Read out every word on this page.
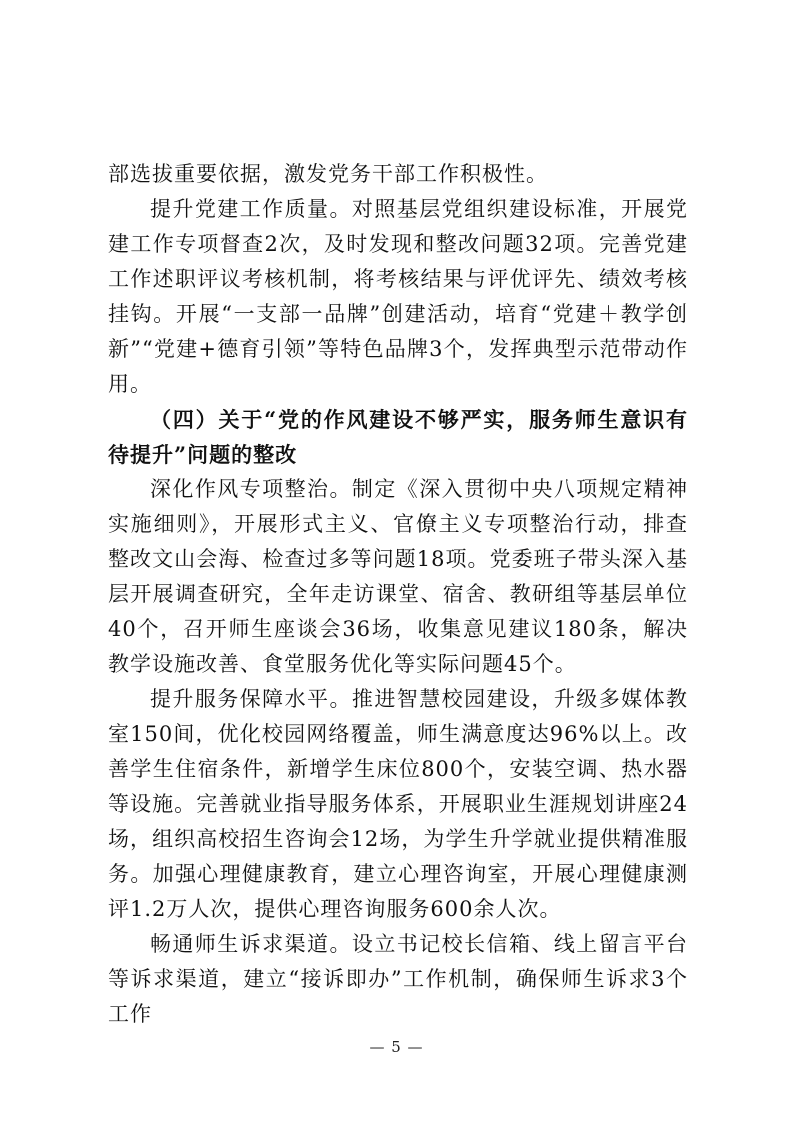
部选拔重要依据，激发党务干部工作积极性。

提升党建工作质量。对照基层党组织建设标准，开展党建工作专项督查2次，及时发现和整改问题32项。完善党建工作述职评议考核机制，将考核结果与评优评先、绩效考核挂钩。开展“一支部一品牌”创建活动，培育“党建＋教学创新”“党建+德育引领”等特色品牌3个，发挥典型示范带动作用。

（四）关于“党的作风建设不够严实，服务师生意识有待提升”问题的整改

深化作风专项整治。制定《深入贯彻中央八项规定精神实施细则》，开展形式主义、官僚主义专项整治行动，排查整改文山会海、检查过多等问题18项。党委班子带头深入基层开展调查研究，全年走访课堂、宿舍、教研组等基层单位40个，召开师生座谈会36场，收集意见建议180条，解决教学设施改善、食堂服务优化等实际问题45个。

提升服务保障水平。推进智慧校园建设，升级多媒体教室150间，优化校园网络覆盖，师生满意度达96%以上。改善学生住宿条件，新增学生床位800个，安装空调、热水器等设施。完善就业指导服务体系，开展职业生涯规划讲座24场，组织高校招生咨询会12场，为学生升学就业提供精准服务。加强心理健康教育，建立心理咨询室，开展心理健康测评1.2万人次，提供心理咨询服务600余人次。

畅通师生诉求渠道。设立书记校长信箱、线上留言平台等诉求渠道，建立“接诉即办”工作机制，确保师生诉求3个工作

— 5 —
